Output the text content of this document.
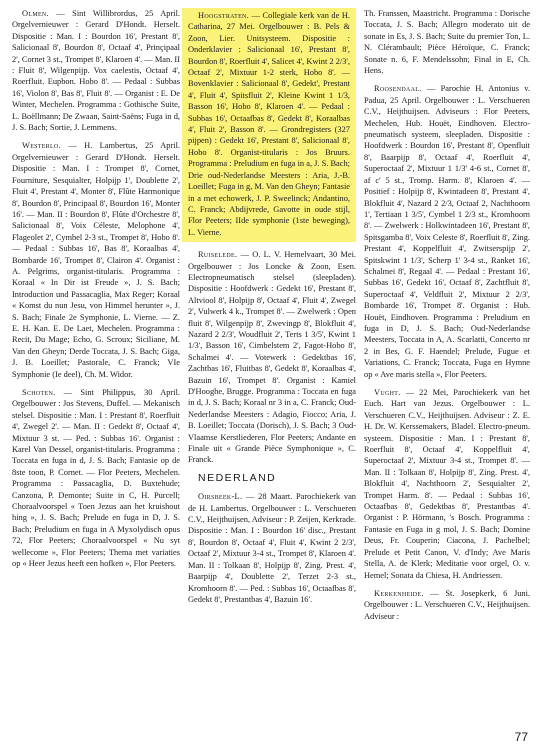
Olmen. — Sint Willibrordus, 25 April. Orgelvernieuwer : Gerard D'Hondt. Herselt. Dispositie : Man. I : Bourdon 16', Prestant 8', Salicionaal 8', Bourdon 8', Octaaf 4', Prinçipaal 2', Cornet 3 st., Trompet 8', Klaroen 4'. — Man. II : Fluit 8', Wilgenpijp. Vox caelestis, Octaaf 4', Roerfluit. Eupbon. Hobo 8'. — Pedaal : Subbas 16', Violon 8', Bas 8', Fluit 8'. — Organist : E. De Winter, Mechelen. Programma : Gothische Suite, L. Boëllmann; De Zwaan, Saint-Saëns; Fuga in d, J. S. Bach; Sortie, J. Lemmens.

Westerlo. — H. Lambertus, 25 April. Orgelvernieuwer : Gerard D'Hondt. Herselt. Dispositie : Man. I : Trompet 8', Cornet, Fourniture, Sesquialter, Holpijp 1', Doublette 2', Fluit 4', Prestant 4', Monter 8', Flûte Harmonique 8', Bourdon 8', Principaal 8', Bourdon 16', Monter 16'. — Man. II : Bourdon 8', Flûte d'Orchestre 8', Salicionaal 8', Voix Céleste, Melophone 4', Flageolet 2', Cymbel 2-3 st., Trompet 8', Hobo 8'. — Pedaal : Subbas 16', Bas 8', Koraalbas 4', Bombarde 16', Trompet 8', Clairon 4'. Organist : A. Pelgrims, organist-titularis. Programma : Koraal « In Dir ist Freude », J. S. Bach; Introduction und Passacaglia, Max Reger; Koraal « Komst du nun Jesu, von Himmel herunter », J. S. Bach; Finale 2e Symphonie, L. Vierne. — Z. E. H. Kan. E. De Laet, Mechelen. Programma : Recit, Du Mage; Echo, G. Scroux; Siciliane, M. Van den Gheyn; Derde Toccata, J. S. Bach; Giga, J. B. Loeillet; Pastorale, C. Franck; VIe Symphonie (Ie deel), Ch. M. Widor.

Schoten. — Sint Philippus, 30 April. Orgelbouwer : Jos Stevens, Duffel. — Mekanisch stelsel. Dispositie : Man. I : Prestant 8', Roerfluit 4', Zwegel 2'. — Man. II : Gedekt 8', Octaaf 4', Mixtuur 3 st. — Ped. : Subbas 16'. Organist : Karel Van Dessel, organist-titularis. Programma : Toccata en fuga in d, J. S. Bach; Fantasie op de 8ste toon, P. Cornet. — Flor Peeters, Mechelen. Programma : Passacaglia, D. Buxtehude; Canzona, P. Demonte; Suite in C, H. Purcell; Choraalvoorspel « Toen Jezus aan het kruishout hing », J. S. Bach; Prelude en fuga in D, J. S. Bach; Preludium en fuga in A Myxolydisch opus 72, Flor Peeters; Choraalvoorspel « Nu syt wellecome », Flor Peeters; Thema met variaties op « Heer Jezus heeft een hofken », Flor Peeters.

Hoogstraten. — Collegiale kerk van de H. Catharina, 27 Mei. Orgelbouwer : B. Pels & Zoon, Lier. Unitsysteem. Dispositie : Onderklavier : Salicionaal 16', Prestant 8', Bourdon 8', Roerfluit 4', Salicet 4', Kwint 2 2/3', Octaaf 2', Mixtuur 1-2 sterk, Hobo 8'. — Bovenklavier : Salicionaal 8', Gedekt', Prestant 4', Fluit 4', Spitsfluit 2', Kleine Kwint 1 1/3, Basson 16', Hobo 8', Klaroen 4'. — Pedaal : Subbas 16', Octaafbas 8', Gedekt 8', Koraalbas 4', Fluit 2', Basson 8'. — Grondregisters (327 pijpen) : Gedekt 16', Prestant 8', Salicionaal 8', Hobo 8'. Organist-titularis : Jos Bruurs. Programma : Preludium en fuga in a, J. S. Bach; Drie oud-Nederlandse Meesters : Aria, J.-B. Loeillet; Fuga in g, M. Van den Gheyn; Fantasie in a met echowerk, J. P. Sweelinck; Andantino, C. Franck; Abdijvrede, Gavotte in oude stijl, Flor Peeters; IIde symphonie (1ste beweging), L. Vierne.

Ruiselede. — O. L. V. Hemelvaart, 30 Mei. Orgelbouwer : Jos Loncke & Zoon, Esen. Electropneumatisch stelsel (sleepladen). Dispositie : Hoofdwerk : Gedekt 16', Prestant 8', Altviool 8', Holpijp 8', Octaaf 4', Fluit 4', Zwegel 2', Vulwerk 4 k., Trompet 8'. — Zwelwerk : Open fluit 8', Wilgenpijp 8', Zwevingp 8', Blokfluit 4', Nazard 2 2/3', Woudfluit 2', Terts 1 3/5', Kwint 1 1/3', Basson 16', Cimbelstem 2', Fagot-Hobo 8', Schalmei 4'. — Votewerk : Gedektbas 16', Zachtbas 16', Fluitbas 8', Gedekt 8', Koraalbas 4', Bazuin 16', Trompet 8'. Organist : Kamiel D'Hooghe, Brugge. Programma : Toccata en fuga in d, J. S. Bach; Koraal nr 3 in a, C. Franck; Oud-Nederlandse Meesters : Adagio, Fiocco; Aria, J. B. Loeillet; Toccata (Dorisch), J. S. Bach; 3 Oud-Vlaamse Kerstliederen, Flor Peeters; Andante en Finale uit « Grande Pièce Symphonique », C. Franck.

NEDERLAND

Oirsbeek-L. — 28 Maart. Parochiekerk van de H. Lambertus. Orgelbouwer : L. Verschueren C.V., Heijthuijsen, Adviseur : P. Zeijen, Kerkrade. Dispositie : Man. I : Bourdon 16' disc., Prestant 8', Bourdon 8', Octaaf 4', Fluit 4', Kwint 2 2/3', Octaaf 2', Mixtuur 3-4 st., Trompet 8', Klaroen 4'. Man. II : Tolkaan 8', Holpijp 8', Zing. Prest. 4', Baarpijp 4', Doublette 2', Terzet 2-3 st., Kromhoorn 8'. — Ped. : Subbas 16', Octaafbas 8', Gedekt 8', Prestantbas 4', Bazuin 16'.

Th. Franssen, Maastricht. Programma : Dorische Toccata, J. S. Bach; Allegro moderato uit de sonate in Es, J. S. Bach; Suite du premier Ton, L. N. Clérambault; Pièce Héroïque, C. Franck; Sonate n. 6, F. Mendelssohn; Final in E, Ch. Hens.

Roosendaal. — Parochie H. Antonius v. Padua, 25 April. Orgelbouwer : L. Verschueren C.V., Heijthuijsen. Adviseurs : Flor Peeters, Mechelen, Hub. Houët, Eindhoven. Electro-pneumatisch systeem, sleepladen. Dispositie : Hoofdwerk : Bourdon 16', Prestant 8', Openfluit 8', Baarpijp 8', Octaaf 4', Roerfluit 4', Superoctaaf 2', Mixtuur 1 1/3' 4-6 st., Cornet 8', af c' 5 st., Tromp. Harm. 8', Klaroen 4'. — Positief : Holpijp 8', Kwintadeen 8', Prestant 4', Blokfluit 4', Nazard 2 2/3, Octaaf 2, Nachthoorn 1', Tertiaan 1 3/5', Cymbel 1 2/3 st., Kromhoorn 8'. — Zwelwerk : Holkwintadeen 16', Prestant 8', Spitsgamba 8', Voix Celeste 8', Roerfluit 8', Zing. Prestant 4', Koppelfluit 4', Zwitserspijp 2', Spitskwint 1 1/3', Scherp 1' 3-4 st., Ranket 16', Schalmei 8', Regaal 4'. — Pedaal : Prestant 16', Subbas 16', Gedekt 16', Octaaf 8', Zachtfluit 8', Superoctaaf 4', Veldfluit 2', Mixtuur 2 2/3', Bombarde 16', Trompet 8'. Organist : Hub. Houët, Eindhoven. Programma : Preludium en fuga in D, J. S. Bach; Oud-Nederlandse Meesters, Toccata in A, A. Scarlatti, Concerto nr 2 in Bes, G. F. Haendel; Prelude, Fugue et Variations, C. Franck; Toccata, Fuga en Hymne op « Ave maris stella », Flor Peeters.

Vught. — 22 Mei, Parochiekerk van het Euch. Hart van Jezus. Orgelbouwer : L. Verschueren C.V., Heijthuijsen. Adviseur : Z. E. H. Dr. W. Kerssemakers, Bladel. Electro-pneum. systeem. Dispositie : Man. I : Prestant 8', Roerfluit 8', Octaaf 4', Koppelfluit 4', Superoctaaf 2', Mixtuur 3-4 st., Trompet 8'. — Man. II : Tolkaan 8', Holpijp 8', Zing. Prest. 4', Blokfluit 4', Nachthoorn 2', Sesquialter 2', Trompet Harm. 8'. — Pedaal : Subbas 16', Octaafbas 8', Gedektbas 8', Prestantbas 4'. Organist : P. Hörmann, 's Bosch. Programma : Fantasie en Fuga in g mol, J. S. Bach; Domine Deus, Fr. Couperin; Ciacona, J. Pachelbel; Prelude et Petit Canon, V. d'Indy; Ave Maris Stella, A. de Klerk; Meditatie voor orgel, O. v. Hemel; Sonata da Chiesa, H. Andriessen.

Kerkenheide. — St. Josepkerk, 6 Juni. Orgelbouwer : L. Verschueren C.V., Heijthuijsen. Adviseur :

77
